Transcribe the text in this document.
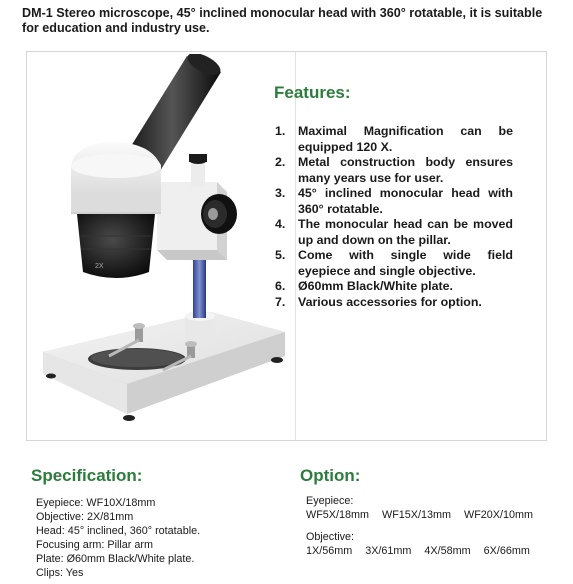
DM-1 Stereo microscope, 45° inclined monocular head with 360° rotatable, it is suitable for education and industry use.
2X
Features:
1. Maximal Magnification can be equipped 120 X.
2. Metal construction body ensures many years use for user.
3. 45° inclined monocular head with 360° rotatable.
4. The monocular head can be moved up and down on the pillar.
5. Come with single wide field eyepiece and single objective.
6. Ø60mm Black/White plate.
7. Various accessories for option.
Specification:
Eyepiece: WF10X/18mm
Objective: 2X/81mm
Head: 45° inclined, 360° rotatable.
Focusing arm: Pillar arm
Plate: Ø60mm Black/White plate.
Clips: Yes
Option:
Eyepiece:
WF5X/18mm WF15X/13mm WF20X/10mm
Objective:
1X/56mm 3X/61mm 4X/58mm 6X/66mm
